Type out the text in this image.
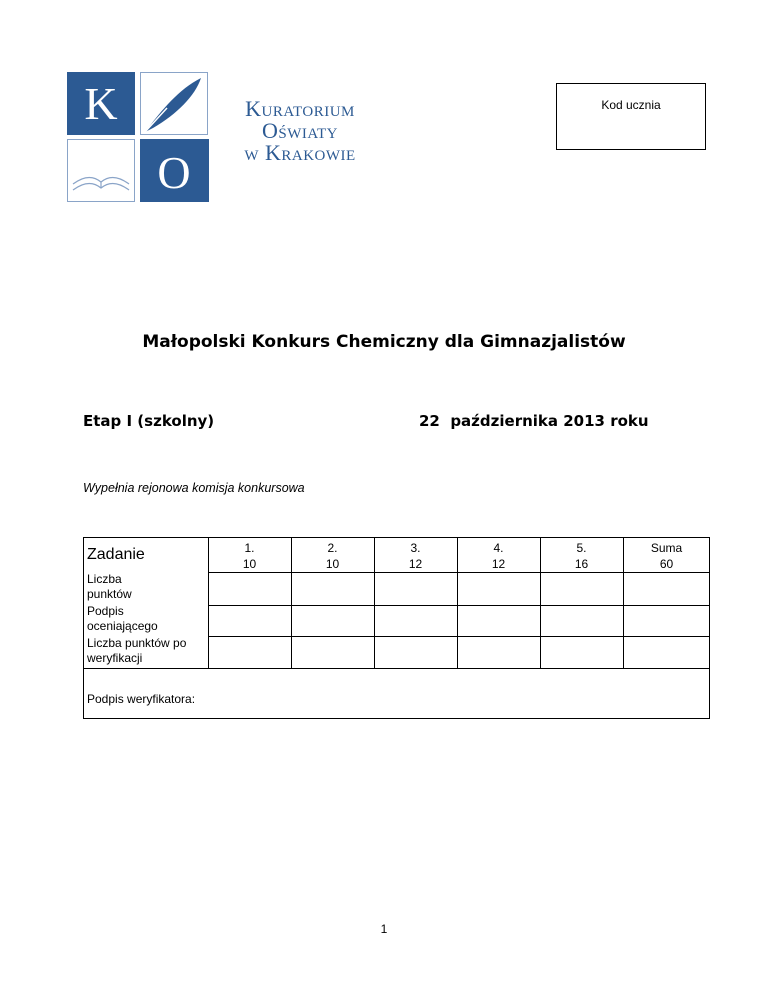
K
O
Kuratorium
Oświaty
w Krakowie
Kod ucznia
Małopolski Konkurs Chemiczny dla Gimnazjalistów
Etap I (szkolny)	22  października 2013 roku
Wypełnia rejonowa komisja konkursowa
Zadanie	1.
10
2.
10
3.
12
4.
12
5.
16
Suma
60
Liczba punktów
Podpis oceniającego
Liczba punktów po weryfikacji
Podpis weryfikatora:
1
